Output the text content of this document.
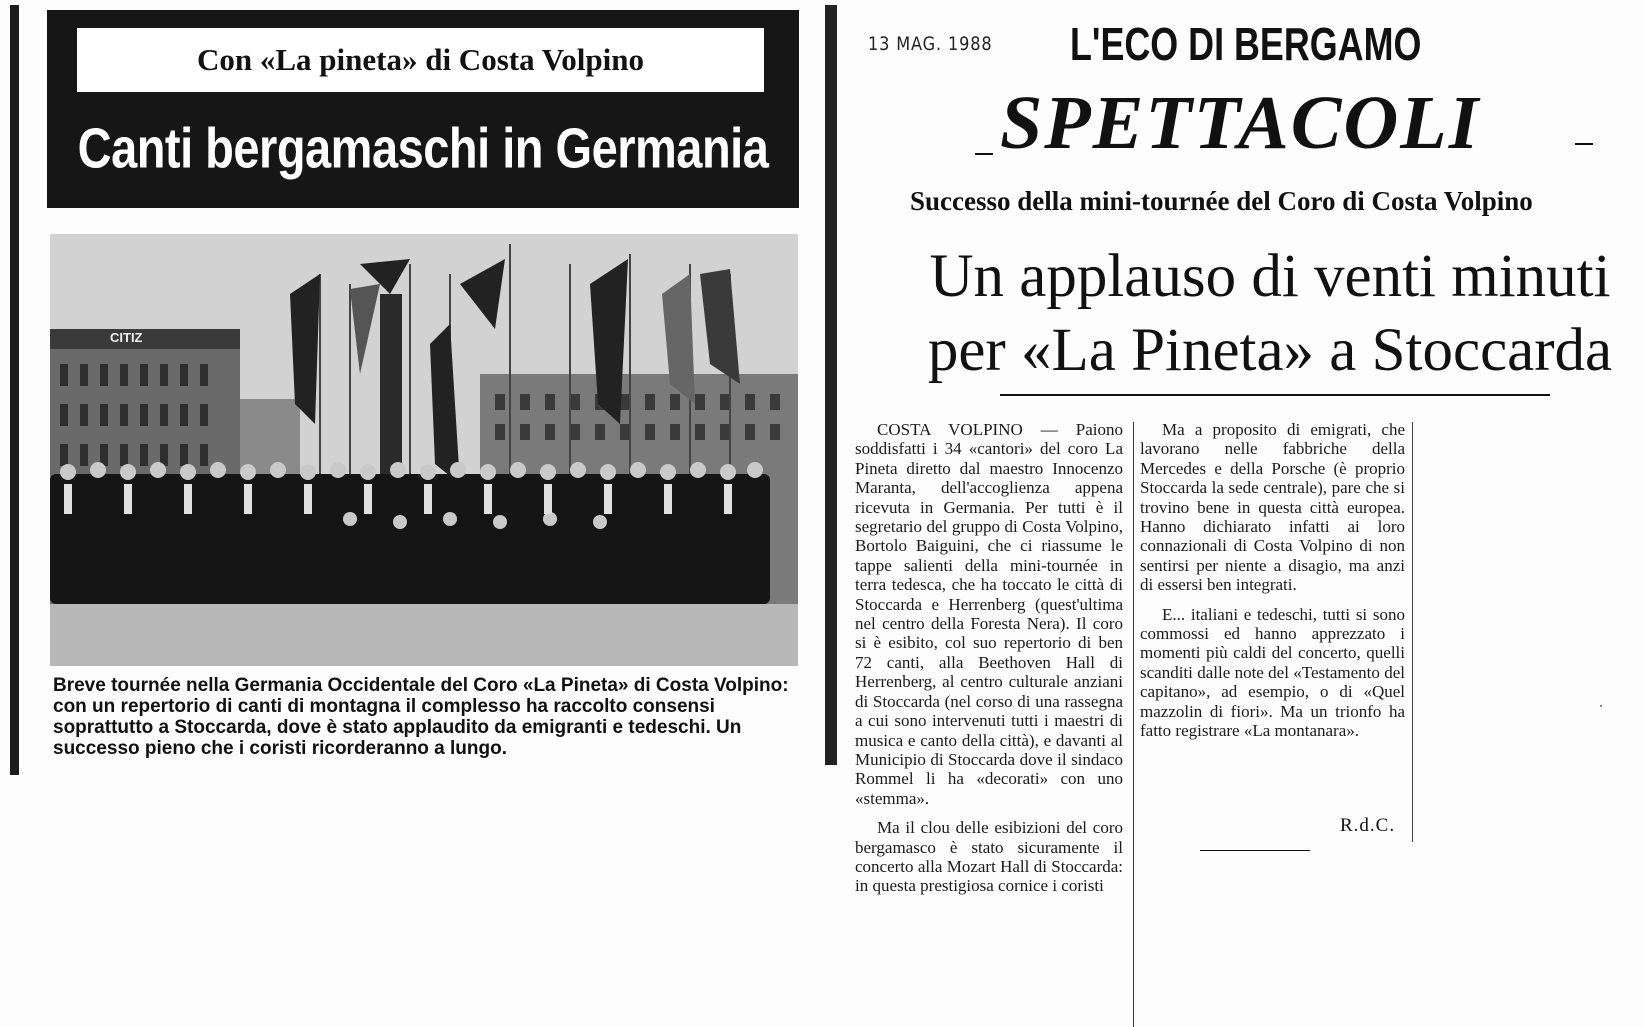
Con «La pineta» di Costa Volpino
Canti bergamaschi in Germania
CITIZ
Breve tournée nella Germania Occidentale del Coro «La Pineta» di Costa Volpino: con un repertorio di canti di montagna il complesso ha raccolto consensi soprattutto a Stoccarda, dove è stato applaudito da emigranti e tedeschi. Un successo pieno che i coristi ricorderanno a lungo.
13 MAG. 1988 L'ECO DI BERGAMO
SPETTACOLI
Successo della mini-tournée del Coro di Costa Volpino
Un applauso di venti minuti
per «La Pineta» a Stoccarda

COSTA VOLPINO — Paiono soddisfatti i 34 «cantori» del coro La Pineta diretto dal maestro Innocenzo Maranta, dell'accoglienza appena ricevuta in Germania. Per tutti è il segretario del gruppo di Costa Volpino, Bortolo Baiguini, che ci riassume le tappe salienti della mini-tournée in terra tedesca, che ha toccato le città di Stoccarda e Herrenberg (quest'ultima nel centro della Foresta Nera). Il coro si è esibito, col suo repertorio di ben 72 canti, alla Beethoven Hall di Herrenberg, al centro culturale anziani di Stoccarda (nel corso di una rassegna a cui sono intervenuti tutti i maestri di musica e canto della città), e davanti al Municipio di Stoccarda dove il sindaco Rommel li ha «decorati» con uno «stemma».

Ma il clou delle esibizioni del coro bergamasco è stato sicuramente il concerto alla Mozart Hall di Stoccarda: in questa prestigiosa cornice i coristi

Ma a proposito di emigrati, che lavorano nelle fabbriche della Mercedes e della Porsche (è proprio Stoccarda la sede centrale), pare che si trovino bene in questa città europea. Hanno dichiarato infatti ai loro connazionali di Costa Volpino di non sentirsi per niente a disagio, ma anzi di essersi ben integrati.

E... italiani e tedeschi, tutti si sono commossi ed hanno apprezzato i momenti più caldi del concerto, quelli scanditi dalle note del «Testamento del capitano», ad esempio, o di «Quel mazzolin di fiori». Ma un trionfo ha fatto registrare «La montanara».

R.d.C.
